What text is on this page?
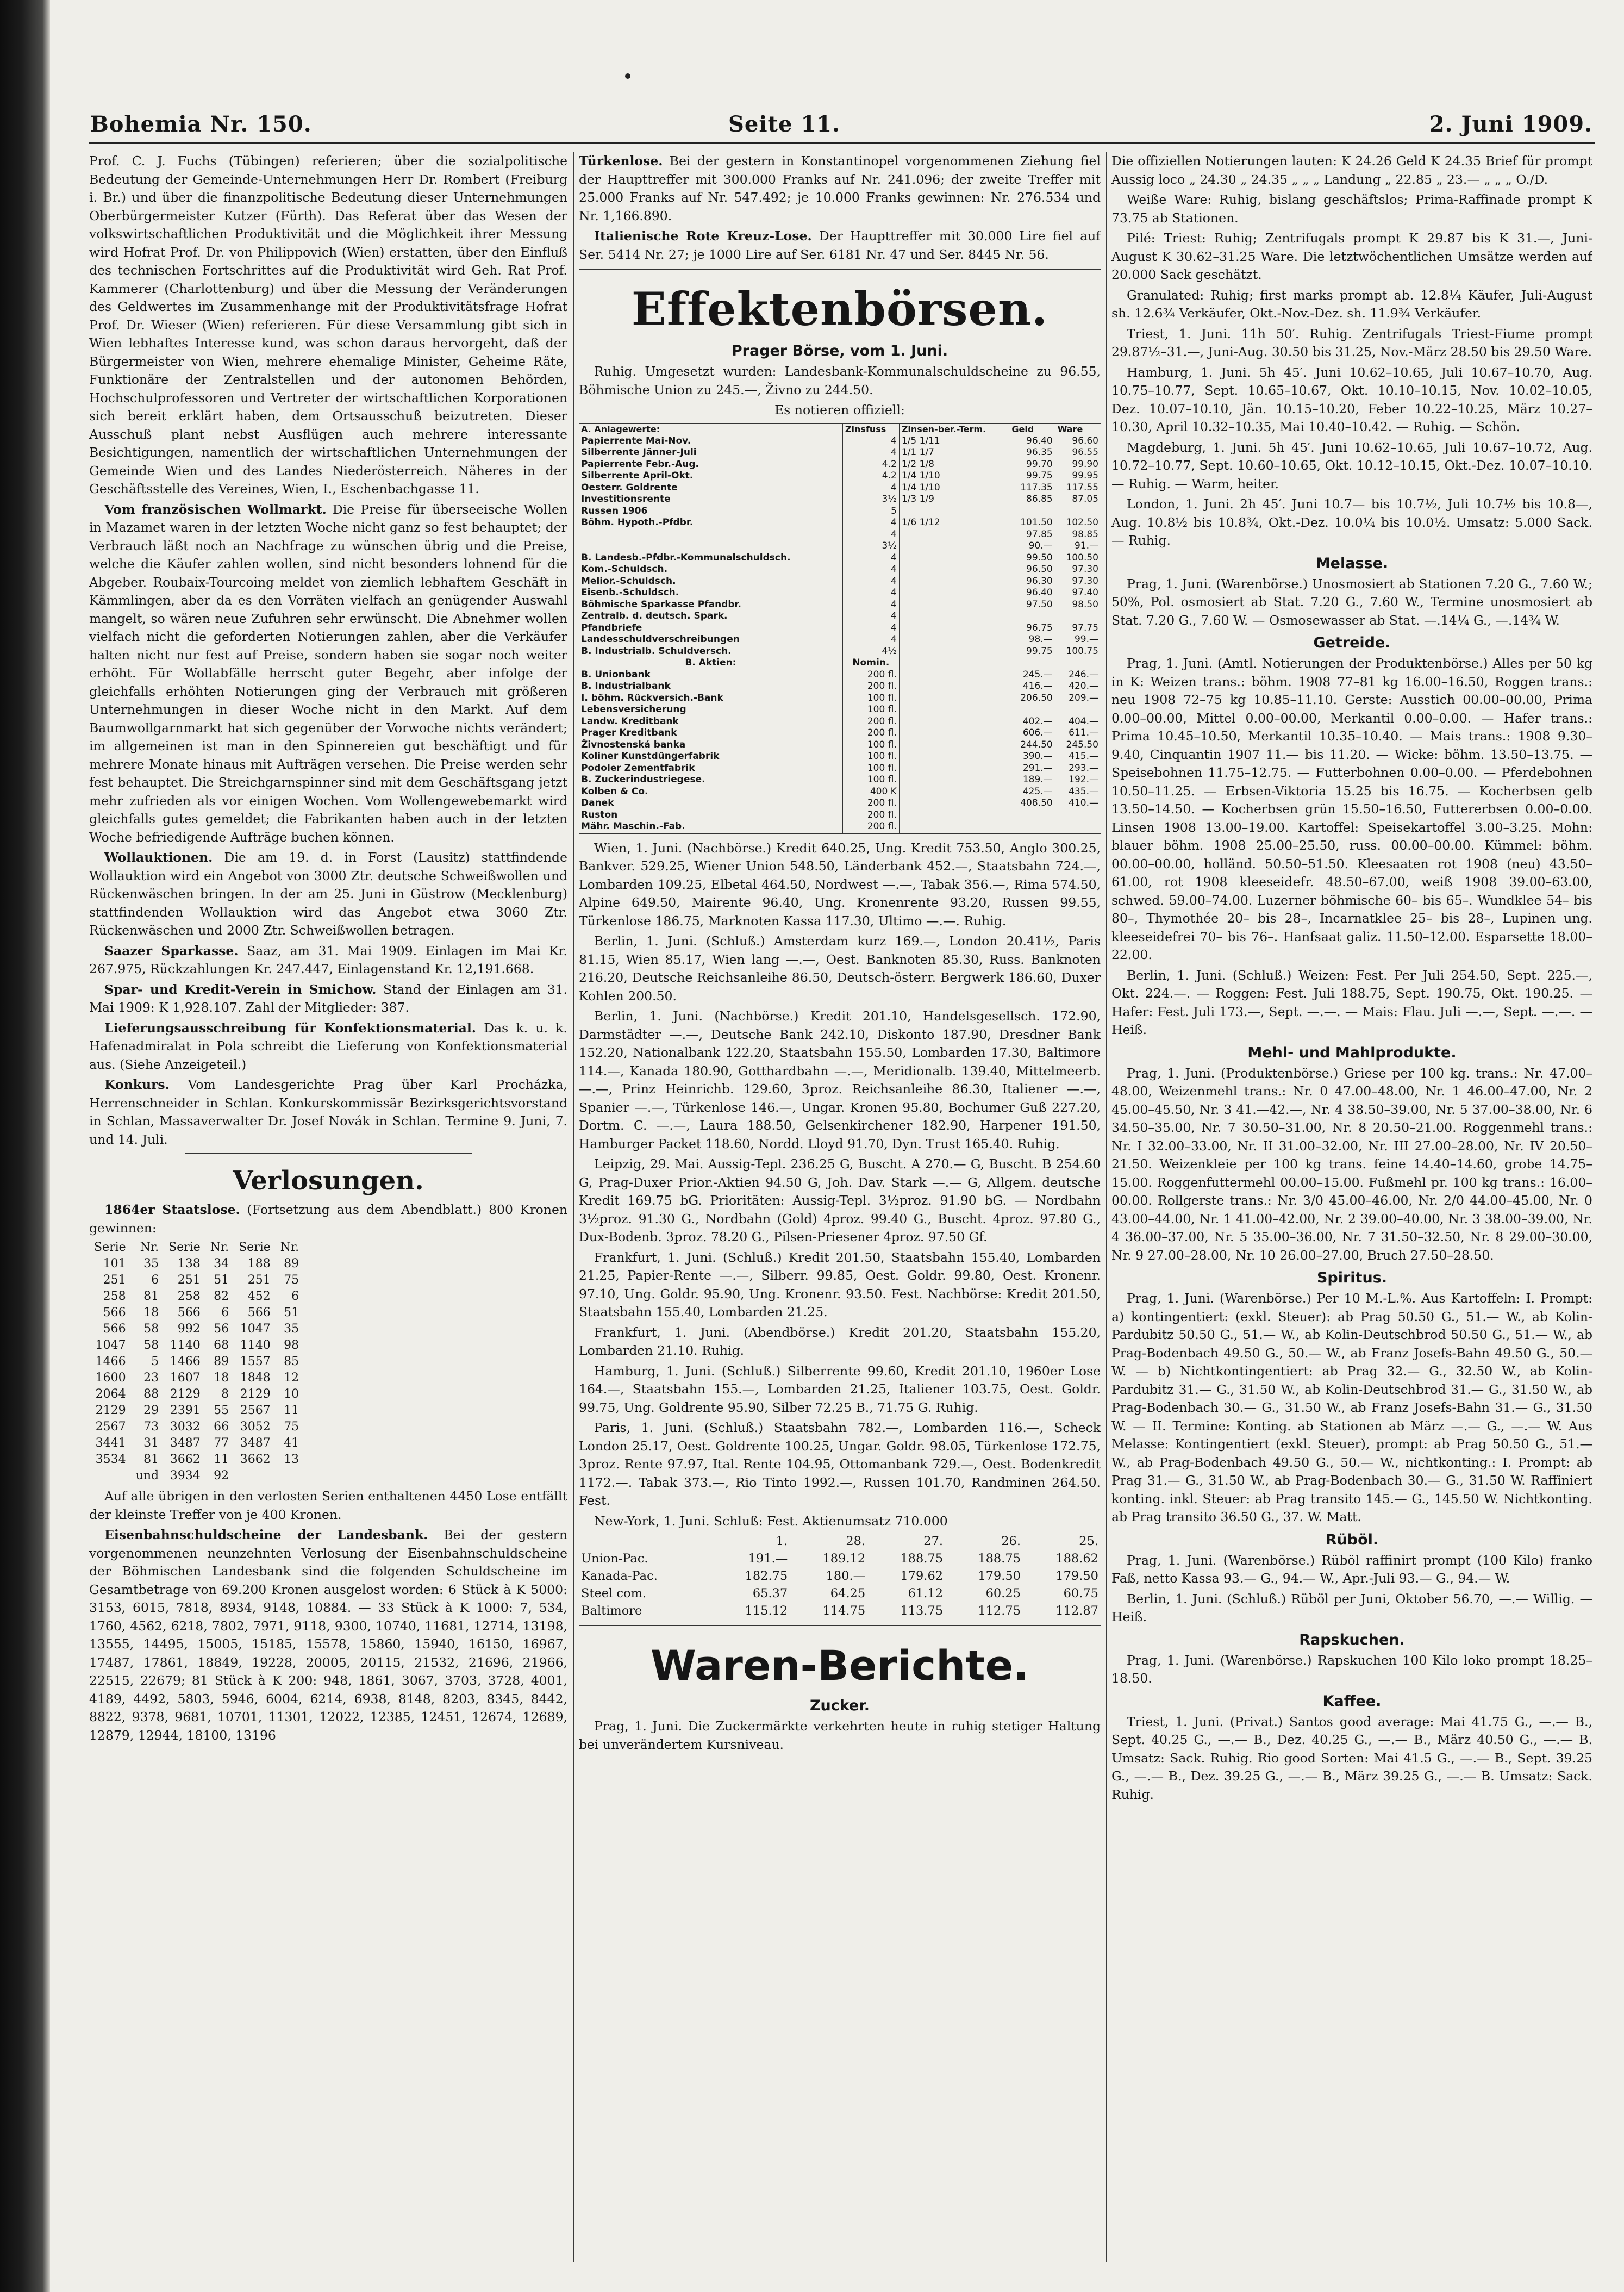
Bohemia Nr. 150.	Seite 11.	2. Juni 1909.

Prof. C. J. Fuchs (Tübingen) referieren; über die sozialpolitische Bedeutung der Gemeinde-Unternehmungen Herr Dr. Rombert (Freiburg i. Br.) und über die finanzpolitische Bedeutung dieser Unternehmungen Oberbürgermeister Kutzer (Fürth). Das Referat über das Wesen der volkswirtschaftlichen Produktivität und die Möglichkeit ihrer Messung wird Hofrat Prof. Dr. von Philippovich (Wien) erstatten, über den Einfluß des technischen Fortschrittes auf die Produktivität wird Geh. Rat Prof. Kammerer (Charlottenburg) und über die Messung der Veränderungen des Geldwertes im Zusammenhange mit der Produktivitätsfrage Hofrat Prof. Dr. Wieser (Wien) referieren. Für diese Versammlung gibt sich in Wien lebhaftes Interesse kund, was schon daraus hervorgeht, daß der Bürgermeister von Wien, mehrere ehemalige Minister, Geheime Räte, Funktionäre der Zentralstellen und der autonomen Behörden, Hochschulprofessoren und Vertreter der wirtschaftlichen Korporationen sich bereit erklärt haben, dem Ortsausschuß beizutreten. Dieser Ausschuß plant nebst Ausflügen auch mehrere interessante Besichtigungen, namentlich der wirtschaftlichen Unternehmungen der Gemeinde Wien und des Landes Niederösterreich. Näheres in der Geschäftsstelle des Vereines, Wien, I., Eschenbachgasse 11.

Vom französischen Wollmarkt. Die Preise für überseeische Wollen in Mazamet waren in der letzten Woche nicht ganz so fest behauptet; der Verbrauch läßt noch an Nachfrage zu wünschen übrig und die Preise, welche die Käufer zahlen wollen, sind nicht besonders lohnend für die Abgeber. Roubaix-Tourcoing meldet von ziemlich lebhaftem Geschäft in Kämmlingen, aber da es den Vorräten vielfach an genügender Auswahl mangelt, so wären neue Zufuhren sehr erwünscht. Die Abnehmer wollen vielfach nicht die geforderten Notierungen zahlen, aber die Verkäufer halten nicht nur fest auf Preise, sondern haben sie sogar noch weiter erhöht. Für Wollabfälle herrscht guter Begehr, aber infolge der gleichfalls erhöhten Notierungen ging der Verbrauch mit größeren Unternehmungen in dieser Woche nicht in den Markt. Auf dem Baumwollgarnmarkt hat sich gegenüber der Vorwoche nichts verändert; im allgemeinen ist man in den Spinnereien gut beschäftigt und für mehrere Monate hinaus mit Aufträgen versehen. Die Preise werden sehr fest behauptet. Die Streichgarnspinner sind mit dem Geschäftsgang jetzt mehr zufrieden als vor einigen Wochen. Vom Wollengewebemarkt wird gleichfalls gutes gemeldet; die Fabrikanten haben auch in der letzten Woche befriedigende Aufträge buchen können.

Wollauktionen. Die am 19. d. in Forst (Lausitz) stattfindende Wollauktion wird ein Angebot von 3000 Ztr. deutsche Schweißwollen und Rückenwäschen bringen. In der am 25. Juni in Güstrow (Mecklenburg) stattfindenden Wollauktion wird das Angebot etwa 3060 Ztr. Rückenwäschen und 2000 Ztr. Schweißwollen betragen.

Saazer Sparkasse. Saaz, am 31. Mai 1909. Einlagen im Mai Kr. 267.975, Rückzahlungen Kr. 247.447, Einlagenstand Kr. 12,191.668.

Spar- und Kredit-Verein in Smichow. Stand der Einlagen am 31. Mai 1909: K 1,928.107. Zahl der Mitglieder: 387.

Lieferungsausschreibung für Konfektionsmaterial. Das k. u. k. Hafenadmiralat in Pola schreibt die Lieferung von Konfektionsmaterial aus. (Siehe Anzeigeteil.)

Konkurs. Vom Landesgerichte Prag über Karl Procházka, Herrenschneider in Schlan. Konkurskommissär Bezirksgerichtsvorstand in Schlan, Massaverwalter Dr. Josef Novák in Schlan. Termine 9. Juni, 7. und 14. Juli.

Verlosungen.

1864er Staatslose. (Fortsetzung aus dem Abendblatt.) 800 Kronen gewinnen:

Serie	Nr.	Serie	Nr.	Serie	Nr.
101	35	138	34	188	89
251	6	251	51	251	75
258	81	258	82	452	6
566	18	566	6	566	51
566	58	992	56	1047	35
1047	58	1140	68	1140	98
1466	5	1466	89	1557	85
1600	23	1607	18	1848	12
2064	88	2129	8	2129	10
2129	29	2391	55	2567	11
2567	73	3032	66	3052	75
3441	31	3487	77	3487	41
3534	81	3662	11	3662	13
	und	3934	92		

Auf alle übrigen in den verlosten Serien enthaltenen 4450 Lose entfällt der kleinste Treffer von je 400 Kronen.

Eisenbahnschuldscheine der Landesbank. Bei der gestern vorgenommenen neunzehnten Verlosung der Eisenbahnschuldscheine der Böhmischen Landesbank sind die folgenden Schuldscheine im Gesamtbetrage von 69.200 Kronen ausgelost worden: 6 Stück à K 5000: 3153, 6015, 7818, 8934, 9148, 10884. — 33 Stück à K 1000: 7, 534, 1760, 4562, 6218, 7802, 7971, 9118, 9300, 10740, 11681, 12714, 13198, 13555, 14495, 15005, 15185, 15578, 15860, 15940, 16150, 16967, 17487, 17861, 18849, 19228, 20005, 20115, 21532, 21696, 21966, 22515, 22679; 81 Stück à K 200: 948, 1861, 3067, 3703, 3728, 4001, 4189, 4492, 5803, 5946, 6004, 6214, 6938, 8148, 8203, 8345, 8442, 8822, 9378, 9681, 10701, 11301, 12022, 12385, 12451, 12674, 12689, 12879, 12944, 18100, 13196

Türkenlose. Bei der gestern in Konstantinopel vorgenommenen Ziehung fiel der Haupttreffer mit 300.000 Franks auf Nr. 241.096; der zweite Treffer mit 25.000 Franks auf Nr. 547.492; je 10.000 Franks gewinnen: Nr. 276.534 und Nr. 1,166.890.

Italienische Rote Kreuz-Lose. Der Haupttreffer mit 30.000 Lire fiel auf Ser. 5414 Nr. 27; je 1000 Lire auf Ser. 6181 Nr. 47 und Ser. 8445 Nr. 56.

Effektenbörsen.
Prager Börse, vom 1. Juni.

Ruhig. Umgesetzt wurden: Landesbank-Kommunalschuldscheine zu 96.55, Böhmische Union zu 245.—, Živno zu 244.50.

Es notieren offiziell:

A. Anlagewerte:	Zinsfuss	Zinsen-ber.-Term.	Geld	Ware
Papierrente Mai-Nov.	4	1/5 1/11	96.40	96.60
Silberrente Jänner-Juli	4	1/1 1/7	96.35	96.55
Papierrente Febr.-Aug.	4.2	1/2 1/8	99.70	99.90
Silberrente April-Okt.	4.2	1/4 1/10	99.75	99.95
Oesterr. Goldrente	4	1/4 1/10	117.35	117.55
Investitionsrente	3½	1/3 1/9	86.85	87.05
Russen 1906	5			
Böhm. Hypoth.-Pfdbr.	4	1/6 1/12	101.50	102.50
	4		97.85	98.85
	3½		90.—	91.—
B. Landesb.-Pfdbr.-Kommunalschuldsch.	4		99.50	100.50
Kom.-Schuldsch.	4		96.50	97.30
Melior.-Schuldsch.	4		96.30	97.30
Eisenb.-Schuldsch.	4		96.40	97.40
Böhmische Sparkasse Pfandbr.	4		97.50	98.50
Zentralb. d. deutsch. Spark.	4			
Pfandbriefe	4		96.75	97.75
Landesschuldverschreibungen	4		98.—	99.—
B. Industrialb. Schuldversch.	4½		99.75	100.75
B. Aktien:	Nomin.			
B. Unionbank	200 fl.		245.—	246.—
B. Industrialbank	200 fl.		416.—	420.—
I. böhm. Rückversich.-Bank	100 fl.		206.50	209.—
Lebensversicherung	100 fl.			
Landw. Kreditbank	200 fl.		402.—	404.—
Prager Kreditbank	200 fl.		606.—	611.—
Živnostenská banka	100 fl.		244.50	245.50
Koliner Kunstdüngerfabrik	100 fl.		390.—	415.—
Podoler Zementfabrik	100 fl.		291.—	293.—
B. Zuckerindustriegese.	100 fl.		189.—	192.—
Kolben & Co.	400 K		425.—	435.—
Danek	200 fl.		408.50	410.—
Ruston	200 fl.			
Mähr. Maschin.-Fab.	200 fl.			

Wien, 1. Juni. (Nachbörse.) Kredit 640.25, Ung. Kredit 753.50, Anglo 300.25, Bankver. 529.25, Wiener Union 548.50, Länderbank 452.—, Staatsbahn 724.—, Lombarden 109.25, Elbetal 464.50, Nordwest —.—, Tabak 356.—, Rima 574.50, Alpine 649.50, Mairente 96.40, Ung. Kronenrente 93.20, Russen 99.55, Türkenlose 186.75, Marknoten Kassa 117.30, Ultimo —.—. Ruhig.

Berlin, 1. Juni. (Schluß.) Amsterdam kurz 169.—, London 20.41½, Paris 81.15, Wien 85.17, Wien lang —.—, Oest. Banknoten 85.30, Russ. Banknoten 216.20, Deutsche Reichsanleihe 86.50, Deutsch-österr. Bergwerk 186.60, Duxer Kohlen 200.50.

Berlin, 1. Juni. (Nachbörse.) Kredit 201.10, Handelsgesellsch. 172.90, Darmstädter —.—, Deutsche Bank 242.10, Diskonto 187.90, Dresdner Bank 152.20, Nationalbank 122.20, Staatsbahn 155.50, Lombarden 17.30, Baltimore 114.—, Kanada 180.90, Gotthardbahn —.—, Meridionalb. 139.40, Mittelmeerb. —.—, Prinz Heinrichb. 129.60, 3proz. Reichsanleihe 86.30, Italiener —.—, Spanier —.—, Türkenlose 146.—, Ungar. Kronen 95.80, Bochumer Guß 227.20, Dortm. C. —.—, Laura 188.50, Gelsenkirchener 182.90, Harpener 191.50, Hamburger Packet 118.60, Nordd. Lloyd 91.70, Dyn. Trust 165.40. Ruhig.

Leipzig, 29. Mai. Aussig-Tepl. 236.25 G, Buscht. A 270.— G, Buscht. B 254.60 G, Prag-Duxer Prior.-Aktien 94.50 G, Joh. Dav. Stark —.— G, Allgem. deutsche Kredit 169.75 bG. Prioritäten: Aussig-Tepl. 3½proz. 91.90 bG. — Nordbahn 3½proz. 91.30 G., Nordbahn (Gold) 4proz. 99.40 G., Buscht. 4proz. 97.80 G., Dux-Bodenb. 3proz. 78.20 G., Pilsen-Priesener 4proz. 97.50 Gf.

Frankfurt, 1. Juni. (Schluß.) Kredit 201.50, Staatsbahn 155.40, Lombarden 21.25, Papier-Rente —.—, Silberr. 99.85, Oest. Goldr. 99.80, Oest. Kronenr. 97.10, Ung. Goldr. 95.90, Ung. Kronenr. 93.50. Fest. Nachbörse: Kredit 201.50, Staatsbahn 155.40, Lombarden 21.25.

Frankfurt, 1. Juni. (Abendbörse.) Kredit 201.20, Staatsbahn 155.20, Lombarden 21.10. Ruhig.

Hamburg, 1. Juni. (Schluß.) Silberrente 99.60, Kredit 201.10, 1960er Lose 164.—, Staatsbahn 155.—, Lombarden 21.25, Italiener 103.75, Oest. Goldr. 99.75, Ung. Goldrente 95.90, Silber 72.25 B., 71.75 G. Ruhig.

Paris, 1. Juni. (Schluß.) Staatsbahn 782.—, Lombarden 116.—, Scheck London 25.17, Oest. Goldrente 100.25, Ungar. Goldr. 98.05, Türkenlose 172.75, 3proz. Rente 97.97, Ital. Rente 104.95, Ottomanbank 729.—, Oest. Bodenkredit 1172.—. Tabak 373.—, Rio Tinto 1992.—, Russen 101.70, Randminen 264.50. Fest.

New-York, 1. Juni. Schluß: Fest. Aktienumsatz 710.000

	1.	28.	27.	26.	25.
Union-Pac.	191.—	189.12	188.75	188.75	188.62
Kanada-Pac.	182.75	180.—	179.62	179.50	179.50
Steel com.	65.37	64.25	61.12	60.25	60.75
Baltimore	115.12	114.75	113.75	112.75	112.87
Waren-Berichte.
Zucker.

Prag, 1. Juni. Die Zuckermärkte verkehrten heute in ruhig stetiger Haltung bei unverändertem Kursniveau.

Die offiziellen Notierungen lauten: K 24.26 Geld K 24.35 Brief für prompt Aussig loco „ 24.30 „ 24.35 „ „ „ Landung „ 22.85 „ 23.— „ „ „ O./D.

Weiße Ware: Ruhig, bislang geschäftslos; Prima-Raffinade prompt K 73.75 ab Stationen.

Pilé: Triest: Ruhig; Zentrifugals prompt K 29.87 bis K 31.—, Juni-August K 30.62–31.25 Ware. Die letztwöchentlichen Umsätze werden auf 20.000 Sack geschätzt.

Granulated: Ruhig; first marks prompt ab. 12.8¼ Käufer, Juli-August sh. 12.6¾ Verkäufer, Okt.-Nov.-Dez. sh. 11.9¾ Verkäufer.

Triest, 1. Juni. 11h 50′. Ruhig. Zentrifugals Triest-Fiume prompt 29.87½–31.—, Juni-Aug. 30.50 bis 31.25, Nov.-März 28.50 bis 29.50 Ware.

Hamburg, 1. Juni. 5h 45′. Juni 10.62–10.65, Juli 10.67–10.70, Aug. 10.75–10.77, Sept. 10.65–10.67, Okt. 10.10–10.15, Nov. 10.02–10.05, Dez. 10.07–10.10, Jän. 10.15–10.20, Feber 10.22–10.25, März 10.27–10.30, April 10.32–10.35, Mai 10.40–10.42. — Ruhig. — Schön.

Magdeburg, 1. Juni. 5h 45′. Juni 10.62–10.65, Juli 10.67–10.72, Aug. 10.72–10.77, Sept. 10.60–10.65, Okt. 10.12–10.15, Okt.-Dez. 10.07–10.10. — Ruhig. — Warm, heiter.

London, 1. Juni. 2h 45′. Juni 10.7— bis 10.7½, Juli 10.7½ bis 10.8—, Aug. 10.8½ bis 10.8¾, Okt.-Dez. 10.0¼ bis 10.0½. Umsatz: 5.000 Sack. — Ruhig.

Melasse.

Prag, 1. Juni. (Warenbörse.) Unosmosiert ab Stationen 7.20 G., 7.60 W.; 50%, Pol. osmosiert ab Stat. 7.20 G., 7.60 W., Termine unosmosiert ab Stat. 7.20 G., 7.60 W. — Osmosewasser ab Stat. —.14¼ G., —.14¾ W.

Getreide.

Prag, 1. Juni. (Amtl. Notierungen der Produktenbörse.) Alles per 50 kg in K: Weizen trans.: böhm. 1908 77–81 kg 16.00–16.50, Roggen trans.: neu 1908 72–75 kg 10.85–11.10. Gerste: Ausstich 00.00–00.00, Prima 0.00–00.00, Mittel 0.00–00.00, Merkantil 0.00–0.00. — Hafer trans.: Prima 10.45–10.50, Merkantil 10.35–10.40. — Mais trans.: 1908 9.30–9.40, Cinquantin 1907 11.— bis 11.20. — Wicke: böhm. 13.50–13.75. — Speisebohnen 11.75–12.75. — Futterbohnen 0.00–0.00. — Pferdebohnen 10.50–11.25. — Erbsen-Viktoria 15.25 bis 16.75. — Kocherbsen gelb 13.50–14.50. — Kocherbsen grün 15.50–16.50, Futtererbsen 0.00–0.00. Linsen 1908 13.00–19.00. Kartoffel: Speisekartoffel 3.00–3.25. Mohn: blauer böhm. 1908 25.00–25.50, russ. 00.00–00.00. Kümmel: böhm. 00.00–00.00, holländ. 50.50–51.50. Kleesaaten rot 1908 (neu) 43.50–61.00, rot 1908 kleeseidefr. 48.50–67.00, weiß 1908 39.00–63.00, schwed. 59.00–74.00. Luzerner böhmische 60– bis 65–. Wundklee 54– bis 80–, Thymothée 20– bis 28–, Incarnatklee 25– bis 28–, Lupinen ung. kleeseidefrei 70– bis 76–. Hanfsaat galiz. 11.50–12.00. Esparsette 18.00–22.00.

Berlin, 1. Juni. (Schluß.) Weizen: Fest. Per Juli 254.50, Sept. 225.—, Okt. 224.—. — Roggen: Fest. Juli 188.75, Sept. 190.75, Okt. 190.25. — Hafer: Fest. Juli 173.—, Sept. —.—. — Mais: Flau. Juli —.—, Sept. —.—. — Heiß.

Mehl- und Mahlprodukte.

Prag, 1. Juni. (Produktenbörse.) Griese per 100 kg. trans.: Nr. 47.00–48.00, Weizenmehl trans.: Nr. 0 47.00–48.00, Nr. 1 46.00–47.00, Nr. 2 45.00–45.50, Nr. 3 41.—42.—, Nr. 4 38.50–39.00, Nr. 5 37.00–38.00, Nr. 6 34.50–35.00, Nr. 7 30.50–31.00, Nr. 8 20.50–21.00. Roggenmehl trans.: Nr. I 32.00–33.00, Nr. II 31.00–32.00, Nr. III 27.00–28.00, Nr. IV 20.50–21.50. Weizenkleie per 100 kg trans. feine 14.40–14.60, grobe 14.75–15.00. Roggenfuttermehl 00.00–15.00. Fußmehl pr. 100 kg trans.: 16.00–00.00. Rollgerste trans.: Nr. 3/0 45.00–46.00, Nr. 2/0 44.00–45.00, Nr. 0 43.00–44.00, Nr. 1 41.00–42.00, Nr. 2 39.00–40.00, Nr. 3 38.00–39.00, Nr. 4 36.00–37.00, Nr. 5 35.00–36.00, Nr. 7 31.50–32.50, Nr. 8 29.00–30.00, Nr. 9 27.00–28.00, Nr. 10 26.00–27.00, Bruch 27.50–28.50.

Spiritus.

Prag, 1. Juni. (Warenbörse.) Per 10 M.-L.%. Aus Kartoffeln: I. Prompt: a) kontingentiert: (exkl. Steuer): ab Prag 50.50 G., 51.— W., ab Kolin-Pardubitz 50.50 G., 51.— W., ab Kolin-Deutschbrod 50.50 G., 51.— W., ab Prag-Bodenbach 49.50 G., 50.— W., ab Franz Josefs-Bahn 49.50 G., 50.— W. — b) Nichtkontingentiert: ab Prag 32.— G., 32.50 W., ab Kolin-Pardubitz 31.— G., 31.50 W., ab Kolin-Deutschbrod 31.— G., 31.50 W., ab Prag-Bodenbach 30.— G., 31.50 W., ab Franz Josefs-Bahn 31.— G., 31.50 W. — II. Termine: Konting. ab Stationen ab März —.— G., —.— W. Aus Melasse: Kontingentiert (exkl. Steuer), prompt: ab Prag 50.50 G., 51.— W., ab Prag-Bodenbach 49.50 G., 50.— W., nichtkonting.: I. Prompt: ab Prag 31.— G., 31.50 W., ab Prag-Bodenbach 30.— G., 31.50 W. Raffiniert konting. inkl. Steuer: ab Prag transito 145.— G., 145.50 W. Nichtkonting. ab Prag transito 36.50 G., 37. W. Matt.

Rüböl.

Prag, 1. Juni. (Warenbörse.) Rüböl raffinirt prompt (100 Kilo) franko Faß, netto Kassa 93.— G., 94.— W., Apr.-Juli 93.— G., 94.— W.

Berlin, 1. Juni. (Schluß.) Rüböl per Juni, Oktober 56.70, —.— Willig. — Heiß.

Rapskuchen.

Prag, 1. Juni. (Warenbörse.) Rapskuchen 100 Kilo loko prompt 18.25–18.50.

Kaffee.

Triest, 1. Juni. (Privat.) Santos good average: Mai 41.75 G., —.— B., Sept. 40.25 G., —.— B., Dez. 40.25 G., —.— B., März 40.50 G., —.— B. Umsatz: Sack. Ruhig. Rio good Sorten: Mai 41.5 G., —.— B., Sept. 39.25 G., —.— B., Dez. 39.25 G., —.— B., März 39.25 G., —.— B. Umsatz: Sack. Ruhig.
